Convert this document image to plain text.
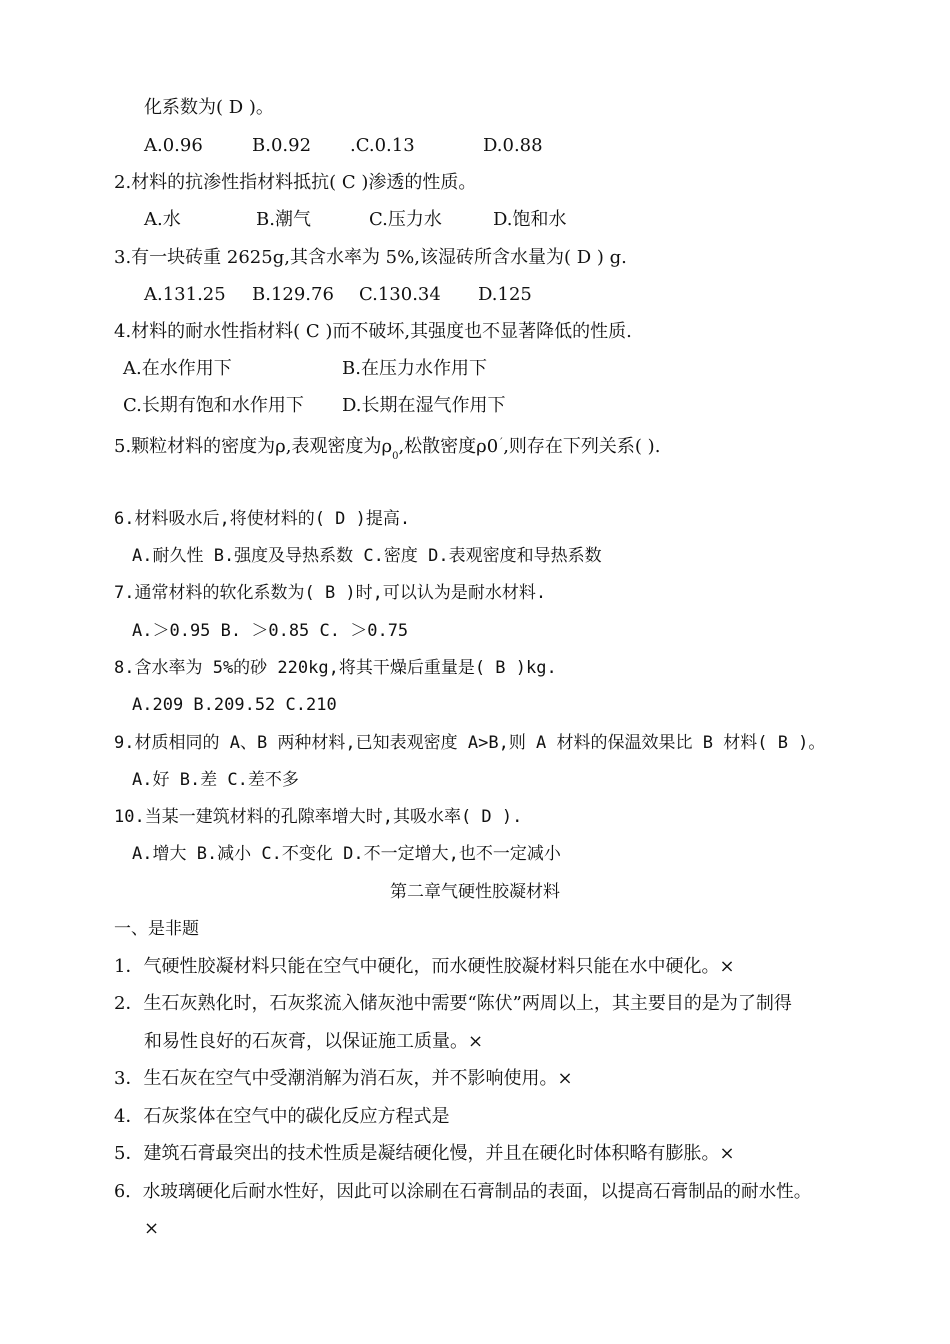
化系数为( D )。
A.0.96	B.0.92 .C.0.13	D.0.88
2.材料的抗渗性指材料抵抗( C )渗透的性质。
A.水	B.潮气	C.压力水	D.饱和水
3.有一块砖重 2625g,其含水率为 5%,该湿砖所含水量为( D ) g.
A.131.25 B.129.76 C.130.34 D.125
4.材料的耐水性指材料( C )而不破坏,其强度也不显著降低的性质.
A.在水作用下	B.在压力水作用下
C.长期有饱和水作用下 D.长期在湿气作用下
5.颗粒材料的密度为ρ,表观密度为$\rho_0$,松散密度$\rho 0^ˊ$,则存在下列关系( ).
6.材料吸水后,将使材料的( D )提高.
A.耐久性 B.强度及导热系数 C.密度 D.表观密度和导热系数
7.通常材料的软化系数为( B )时,可以认为是耐水材料.
A.＞0.95 B. ＞0.85 C. ＞0.75
8.含水率为 5%的砂 220kg,将其干燥后重量是( B )kg.
A.209 B.209.52 C.210
9.材质相同的 A、B 两种材料,已知表观密度 A>B,则 A 材料的保温效果比 B 材料( B )。
A.好 B.差 C.差不多
10.当某一建筑材料的孔隙率增大时,其吸水率( D ).
A.增大 B.减小 C.不变化 D.不一定增大,也不一定减小
第二章气硬性胶凝材料
一、是非题
1．气硬性胶凝材料只能在空气中硬化，而水硬性胶凝材料只能在水中硬化。×
2．生石灰熟化时，石灰浆流入储灰池中需要“陈伏”两周以上，其主要目的是为了制得
和易性良好的石灰膏，以保证施工质量。×
3．生石灰在空气中受潮消解为消石灰，并不影响使用。×
4．石灰浆体在空气中的碳化反应方程式是
5．建筑石膏最突出的技术性质是凝结硬化慢，并且在硬化时体积略有膨胀。×
6．水玻璃硬化后耐水性好，因此可以涂刷在石膏制品的表面，以提高石膏制品的耐水性。
×
